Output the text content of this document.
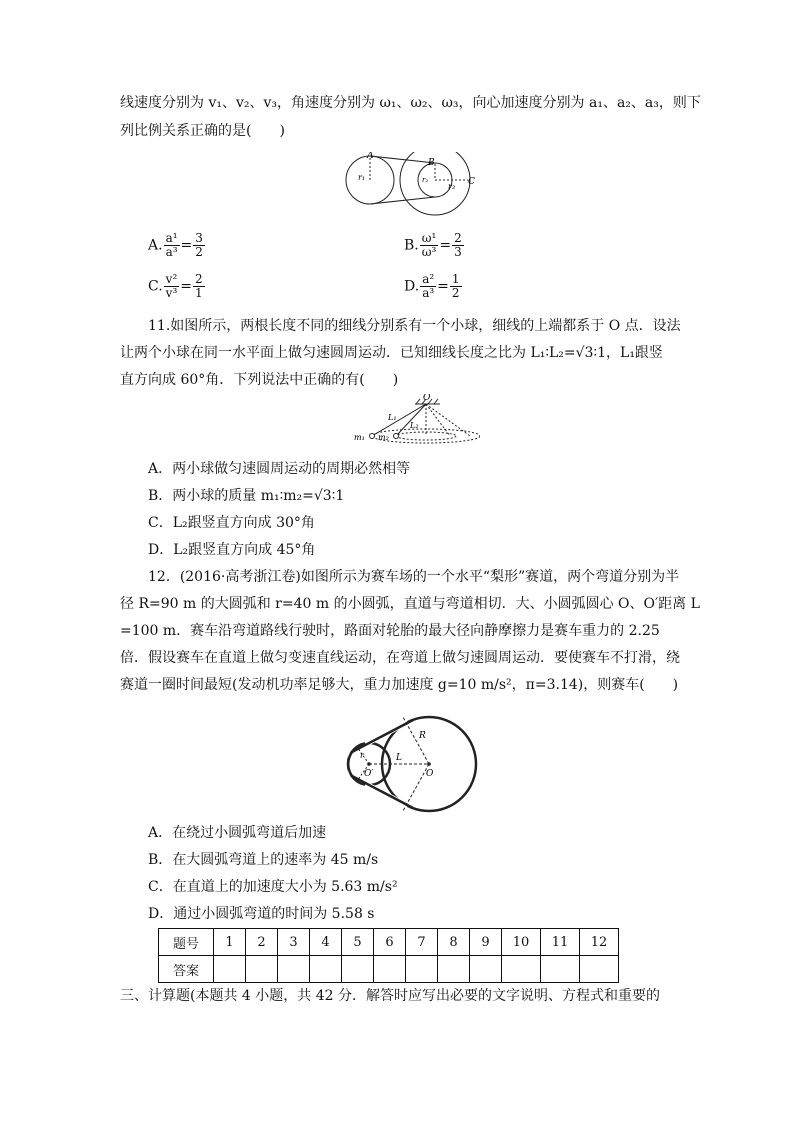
线速度分别为 v₁、v₂、v₃，角速度分别为 ω₁、ω₂、ω₃，向心加速度分别为 a₁、a₂、a₃，则下
列比例关系正确的是(　　)
A
B
C
r₁	r₂
r₃
A. $\frac{\text{a¹}}{\text{a³}} = \frac{3}{2}$	B. $\frac{\text{ω¹}}{\text{ω³}} = \frac{2}{3}$
C. $\frac{\text{v²}}{\text{v³}} = \frac{2}{1}$	D. $\frac{\text{a²}}{\text{a³}} = \frac{1}{2}$
11.如图所示，两根长度不同的细线分别系有一个小球，细线的上端都系于 O 点．设法
让两个小球在同一水平面上做匀速圆周运动．已知细线长度之比为 L₁∶L₂=√3∶1，L₁跟竖
直方向成 60°角．下列说法中正确的有(　　)
O
L₁
L₂
m₁ m₂
A．两小球做匀速圆周运动的周期必然相等
B．两小球的质量 m₁∶m₂=√3∶1
C．L₂跟竖直方向成 30°角
D．L₂跟竖直方向成 45°角
12．(2016·高考浙江卷)如图所示为赛车场的一个水平“梨形”赛道，两个弯道分别为半
径 R=90 m 的大圆弧和 r=40 m 的小圆弧，直道与弯道相切．大、小圆弧圆心 O、O′距离 L
=100 m．赛车沿弯道路线行驶时，路面对轮胎的最大径向静摩擦力是赛车重力的 2.25
倍．假设赛车在直道上做匀变速直线运动，在弯道上做匀速圆周运动．要使赛车不打滑，绕
赛道一圈时间最短(发动机功率足够大，重力加速度 g=10 m/s²，π=3.14)，则赛车(　　)
R
r	L
O
O′
A．在绕过小圆弧弯道后加速
B．在大圆弧弯道上的速率为 45 m/s
C．在直道上的加速度大小为 5.63 m/s²
D．通过小圆弧弯道的时间为 5.58 s
题号	1	2	3	4	5	6	7	8	9	10	11	12
答案												
三、计算题(本题共 4 小题，共 42 分．解答时应写出必要的文字说明、方程式和重要的
